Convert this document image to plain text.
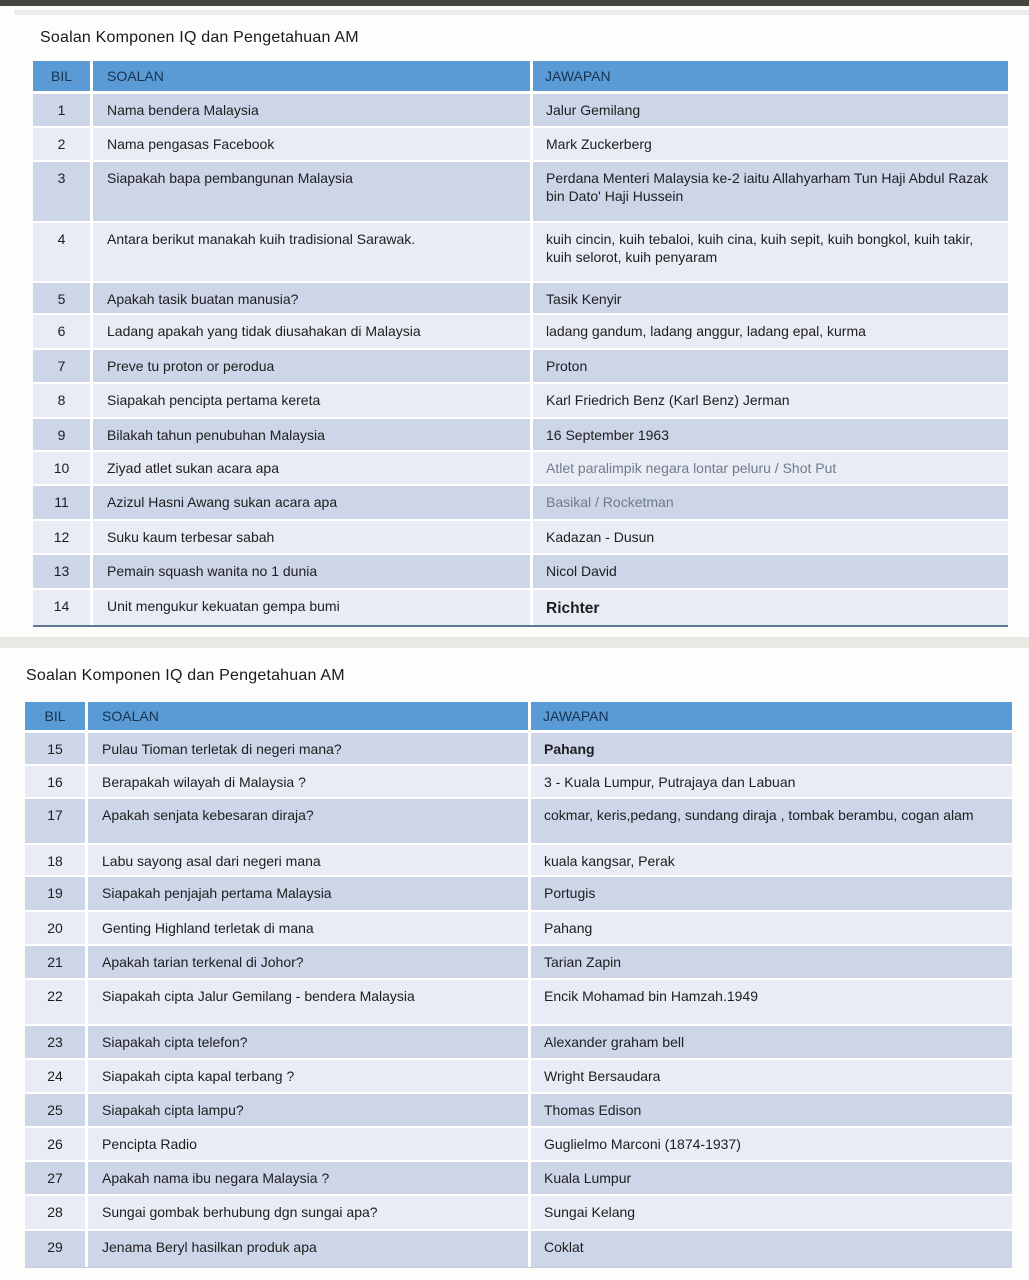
Soalan Komponen IQ dan Pengetahuan AM
BIL	SOALAN	JAWAPAN
1	Nama bendera Malaysia	Jalur Gemilang
2	Nama pengasas Facebook	Mark Zuckerberg
3	Siapakah bapa pembangunan Malaysia	Perdana Menteri Malaysia ke-2 iaitu Allahyarham Tun Haji Abdul Razak bin Dato' Haji Hussein
4	Antara berikut manakah kuih tradisional Sarawak.	kuih cincin, kuih tebaloi, kuih cina, kuih sepit, kuih bongkol, kuih takir, kuih selorot, kuih penyaram
5	Apakah tasik buatan manusia?	Tasik Kenyir
6	Ladang apakah yang tidak diusahakan di Malaysia	ladang gandum, ladang anggur, ladang epal, kurma
7	Preve tu proton or perodua	Proton
8	Siapakah pencipta pertama kereta	Karl Friedrich Benz (Karl Benz) Jerman
9	Bilakah tahun penubuhan Malaysia	16 September 1963
10	Ziyad atlet sukan acara apa	Atlet paralimpik negara lontar peluru / Shot Put
11	Azizul Hasni Awang sukan acara apa	Basikal / Rocketman
12	Suku kaum terbesar sabah	Kadazan - Dusun
13	Pemain squash wanita no 1 dunia	Nicol David
14	Unit mengukur kekuatan gempa bumi	Richter
Soalan Komponen IQ dan Pengetahuan AM
BIL	SOALAN	JAWAPAN
15	Pulau Tioman terletak di negeri mana?	Pahang
16	Berapakah wilayah di Malaysia ?	3 - Kuala Lumpur, Putrajaya dan Labuan
17	Apakah senjata kebesaran diraja?	cokmar, keris,pedang, sundang diraja , tombak berambu, cogan alam
18	Labu sayong asal dari negeri mana	kuala kangsar, Perak
19	Siapakah penjajah pertama Malaysia	Portugis
20	Genting Highland terletak di mana	Pahang
21	Apakah tarian terkenal di Johor?	Tarian Zapin
22	Siapakah cipta Jalur Gemilang - bendera Malaysia	Encik Mohamad bin Hamzah.1949
23	Siapakah cipta telefon?	Alexander graham bell
24	Siapakah cipta kapal terbang ?	Wright Bersaudara
25	Siapakah cipta lampu?	Thomas Edison
26	Pencipta Radio	Guglielmo Marconi (1874-1937)
27	Apakah nama ibu negara Malaysia ?	Kuala Lumpur
28	Sungai gombak berhubung dgn sungai apa?	Sungai Kelang
29	Jenama Beryl hasilkan produk apa	Coklat
